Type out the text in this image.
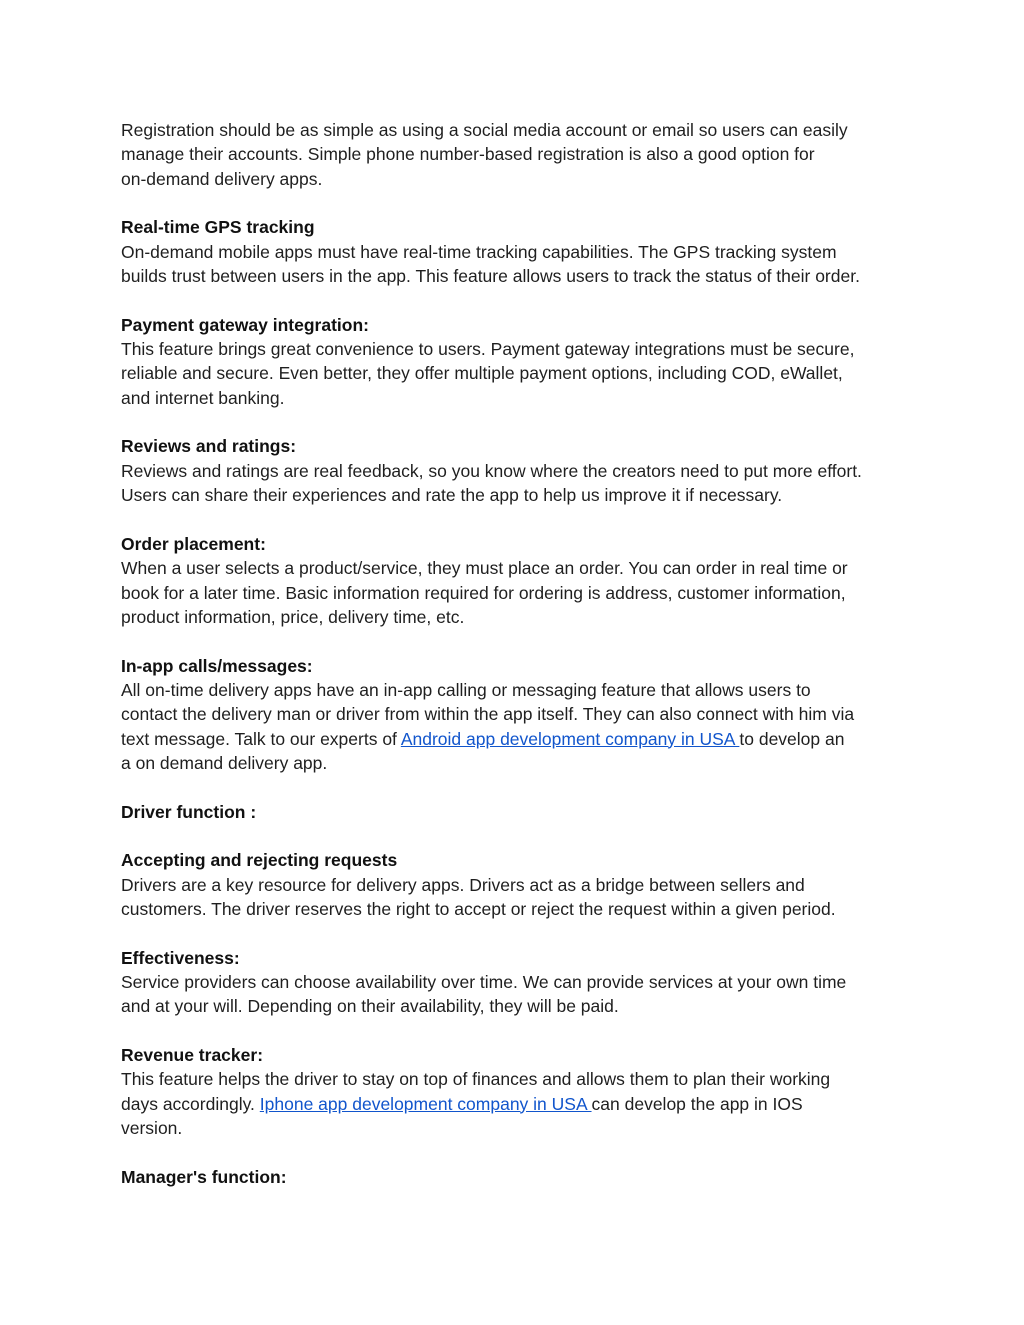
Registration should be as simple as using a social media account or email so users can easily
manage their accounts. Simple phone number-based registration is also a good option for
on-demand delivery apps.
Real-time GPS tracking
On-demand mobile apps must have real-time tracking capabilities. The GPS tracking system
builds trust between users in the app. This feature allows users to track the status of their order.
Payment gateway integration:
This feature brings great convenience to users. Payment gateway integrations must be secure,
reliable and secure. Even better, they offer multiple payment options, including COD, eWallet,
and internet banking.
Reviews and ratings:
Reviews and ratings are real feedback, so you know where the creators need to put more effort.
Users can share their experiences and rate the app to help us improve it if necessary.
Order placement:
When a user selects a product/service, they must place an order. You can order in real time or
book for a later time. Basic information required for ordering is address, customer information,
product information, price, delivery time, etc.
In-app calls/messages:
All on-time delivery apps have an in-app calling or messaging feature that allows users to
contact the delivery man or driver from within the app itself. They can also connect with him via
text message. Talk to our experts of Android app development company in USA to develop an
a on demand delivery app.
Driver function :
Accepting and rejecting requests
Drivers are a key resource for delivery apps. Drivers act as a bridge between sellers and
customers. The driver reserves the right to accept or reject the request within a given period.
Effectiveness:
Service providers can choose availability over time. We can provide services at your own time
and at your will. Depending on their availability, they will be paid.
Revenue tracker:
This feature helps the driver to stay on top of finances and allows them to plan their working
days accordingly. Iphone app development company in USA can develop the app in IOS
version.
Manager's function:
